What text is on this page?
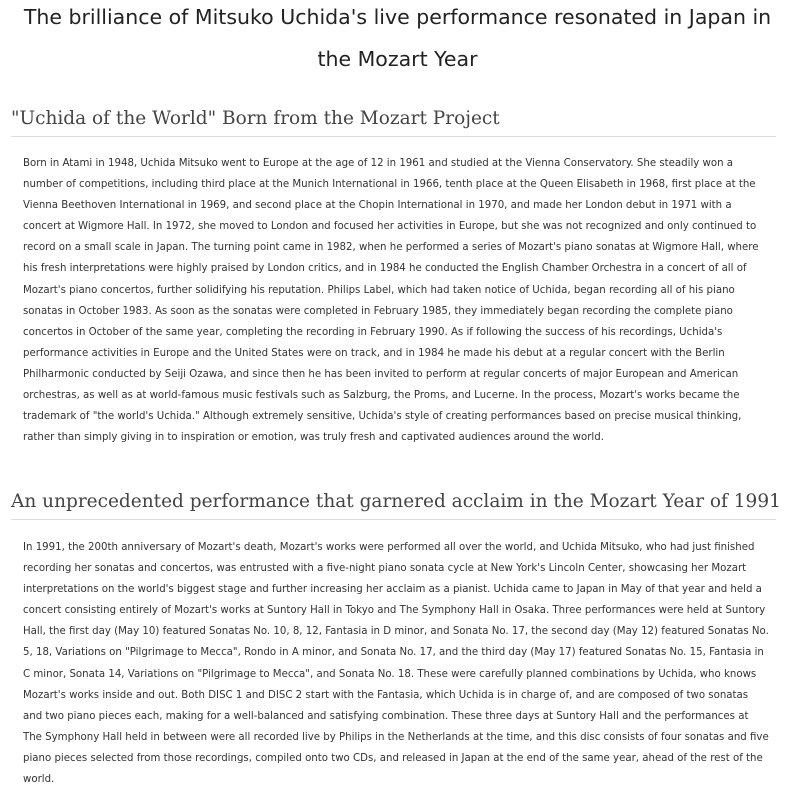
The brilliance of Mitsuko Uchida's live performance resonated in Japan in the Mozart Year
"Uchida of the World" Born from the Mozart Project

Born in Atami in 1948, Uchida Mitsuko went to Europe at the age of 12 in 1961 and studied at the Vienna Conservatory. She steadily won a number of competitions, including third place at the Munich International in 1966, tenth place at the Queen Elisabeth in 1968, first place at the Vienna Beethoven International in 1969, and second place at the Chopin International in 1970, and made her London debut in 1971 with a concert at Wigmore Hall. In 1972, she moved to London and focused her activities in Europe, but she was not recognized and only continued to record on a small scale in Japan. The turning point came in 1982, when he performed a series of Mozart's piano sonatas at Wigmore Hall, where his fresh interpretations were highly praised by London critics, and in 1984 he conducted the English Chamber Orchestra in a concert of all of Mozart's piano concertos, further solidifying his reputation. Philips Label, which had taken notice of Uchida, began recording all of his piano sonatas in October 1983. As soon as the sonatas were completed in February 1985, they immediately began recording the complete piano concertos in October of the same year, completing the recording in February 1990. As if following the success of his recordings, Uchida's performance activities in Europe and the United States were on track, and in 1984 he made his debut at a regular concert with the Berlin Philharmonic conducted by Seiji Ozawa, and since then he has been invited to perform at regular concerts of major European and American orchestras, as well as at world-famous music festivals such as Salzburg, the Proms, and Lucerne. In the process, Mozart's works became the trademark of "the world's Uchida." Although extremely sensitive, Uchida's style of creating performances based on precise musical thinking, rather than simply giving in to inspiration or emotion, was truly fresh and captivated audiences around the world.

An unprecedented performance that garnered acclaim in the Mozart Year of 1991

In 1991, the 200th anniversary of Mozart's death, Mozart's works were performed all over the world, and Uchida Mitsuko, who had just finished recording her sonatas and concertos, was entrusted with a five-night piano sonata cycle at New York's Lincoln Center, showcasing her Mozart interpretations on the world's biggest stage and further increasing her acclaim as a pianist. Uchida came to Japan in May of that year and held a concert consisting entirely of Mozart's works at Suntory Hall in Tokyo and The Symphony Hall in Osaka. Three performances were held at Suntory Hall, the first day (May 10) featured Sonatas No. 10, 8, 12, Fantasia in D minor, and Sonata No. 17, the second day (May 12) featured Sonatas No. 5, 18, Variations on "Pilgrimage to Mecca", Rondo in A minor, and Sonata No. 17, and the third day (May 17) featured Sonatas No. 15, Fantasia in C minor, Sonata 14, Variations on "Pilgrimage to Mecca", and Sonata No. 18. These were carefully planned combinations by Uchida, who knows Mozart's works inside and out. Both DISC 1 and DISC 2 start with the Fantasia, which Uchida is in charge of, and are composed of two sonatas and two piano pieces each, making for a well-balanced and satisfying combination. These three days at Suntory Hall and the performances at The Symphony Hall held in between were all recorded live by Philips in the Netherlands at the time, and this disc consists of four sonatas and five piano pieces selected from those recordings, compiled onto two CDs, and released in Japan at the end of the same year, ahead of the rest of the world.
